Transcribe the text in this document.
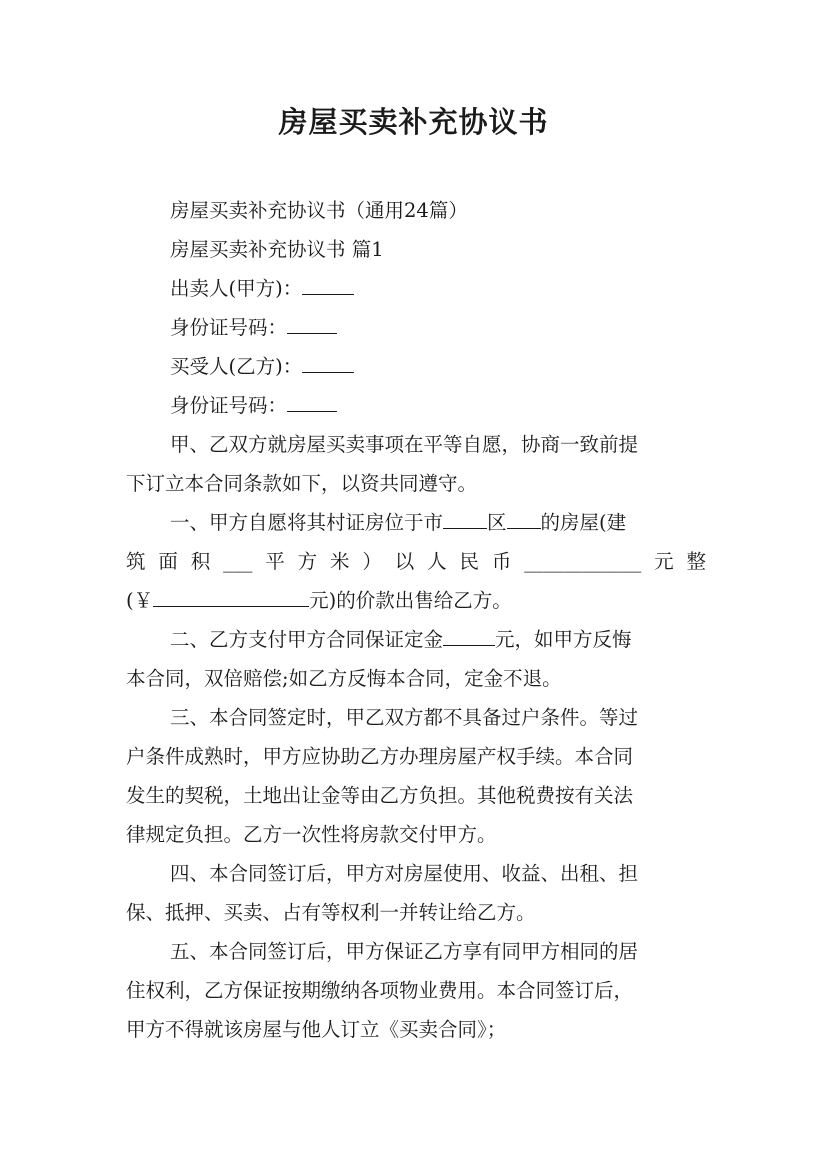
房屋买卖补充协议书
房屋买卖补充协议书（通用24篇）
房屋买卖补充协议书 篇1
出卖人(甲方)：
身份证号码：
买受人(乙方)：
身份证号码：
甲、乙双方就房屋买卖事项在平等自愿，协商一致前提
下订立本合同条款如下，以资共同遵守。
一、甲方自愿将其村证房位于市 区 的房屋(建
筑 面 积 ___ 平 方 米 ） 以 人 民 币 ____________ 元 整
(￥	元)的价款出售给乙方。
二、乙方支付甲方合同保证定金	元，如甲方反悔
本合同，双倍赔偿;如乙方反悔本合同，定金不退。
三、本合同签定时，甲乙双方都不具备过户条件。等过
户条件成熟时，甲方应协助乙方办理房屋产权手续。本合同
发生的契税，土地出让金等由乙方负担。其他税费按有关法
律规定负担。乙方一次性将房款交付甲方。
四、本合同签订后，甲方对房屋使用、收益、出租、担
保、抵押、买卖、占有等权利一并转让给乙方。
五、本合同签订后，甲方保证乙方享有同甲方相同的居
住权利，乙方保证按期缴纳各项物业费用。本合同签订后，
甲方不得就该房屋与他人订立《买卖合同》；
